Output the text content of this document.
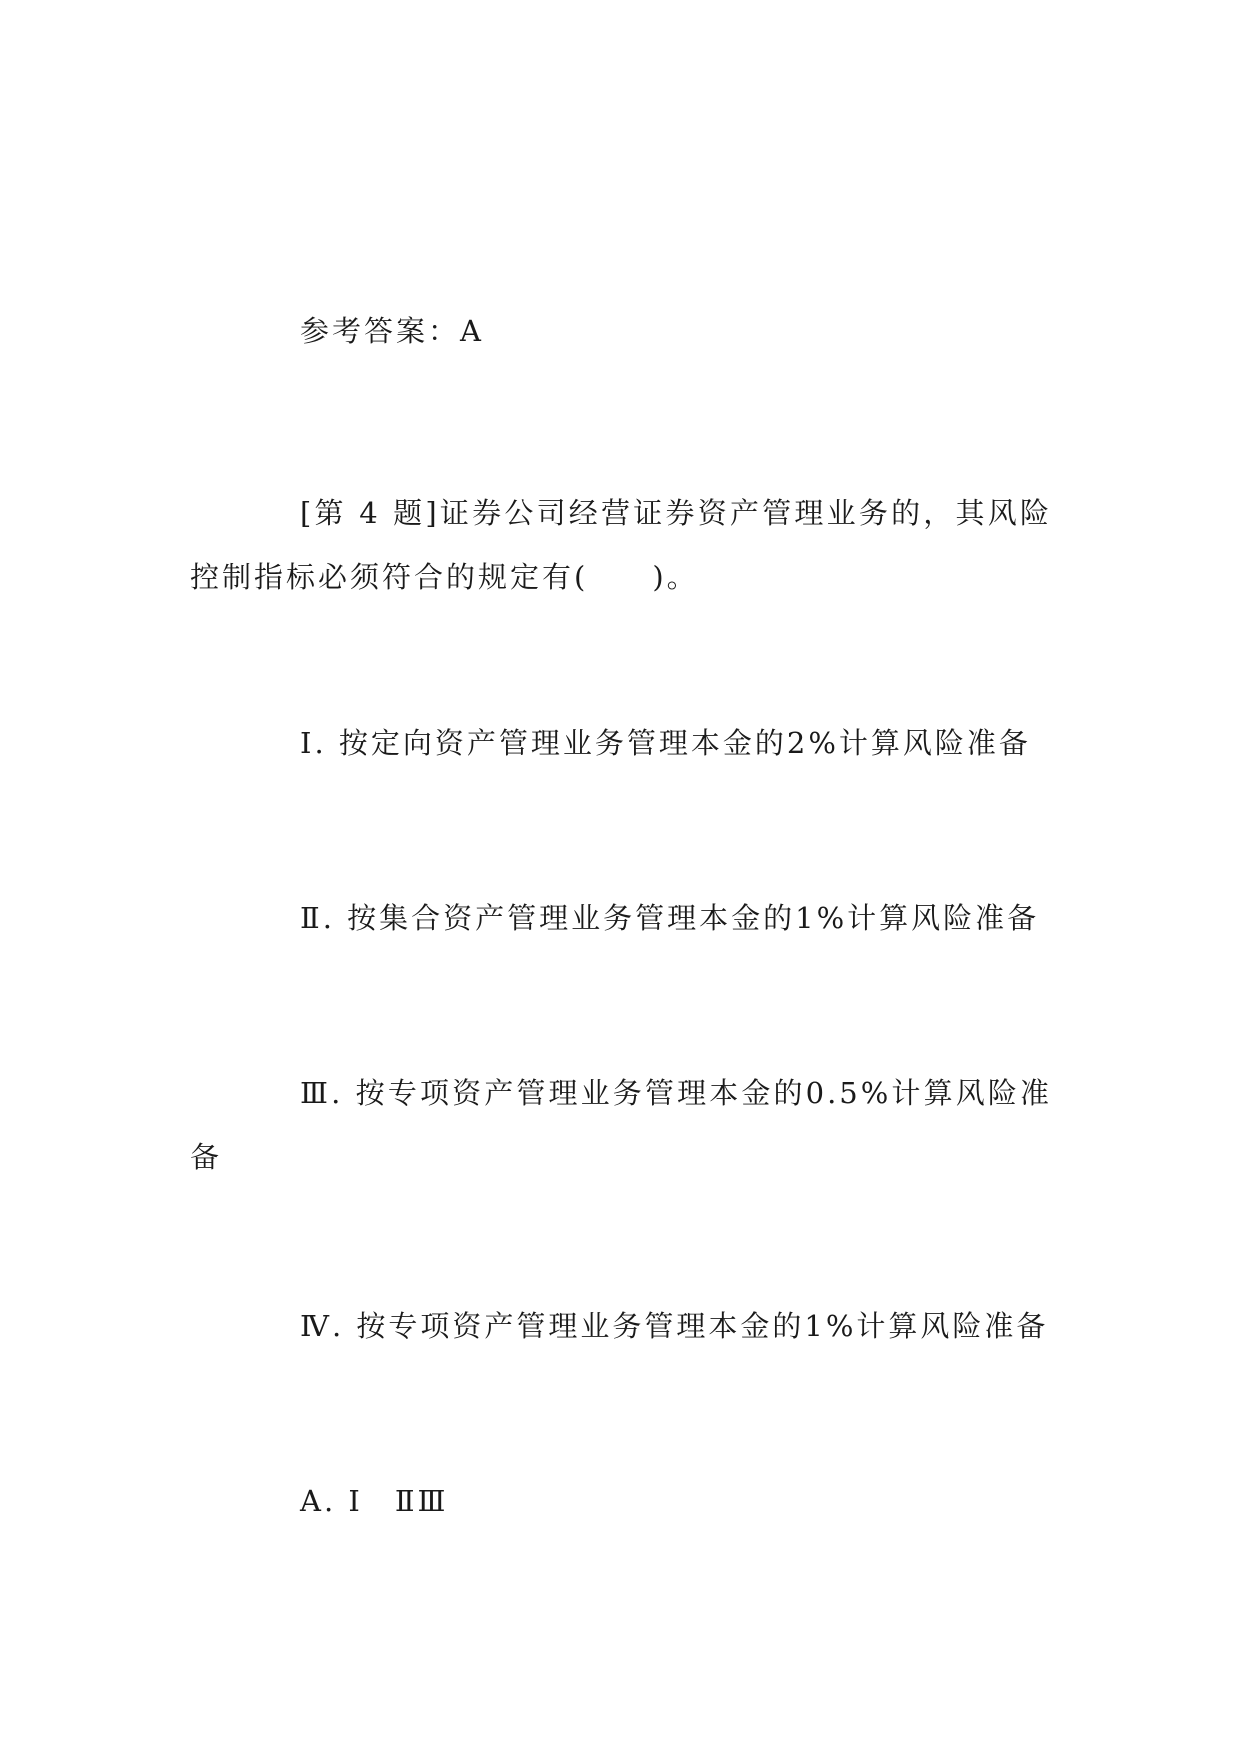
参考答案：A

[第 4 题]证券公司经营证券资产管理业务的，其风险控制指标必须符合的规定有(　　)。

Ⅰ. 按定向资产管理业务管理本金的2%计算风险准备

Ⅱ. 按集合资产管理业务管理本金的1%计算风险准备

Ⅲ. 按专项资产管理业务管理本金的0.5%计算风险准备

Ⅳ. 按专项资产管理业务管理本金的1%计算风险准备

A. Ⅰ　ⅡⅢ
